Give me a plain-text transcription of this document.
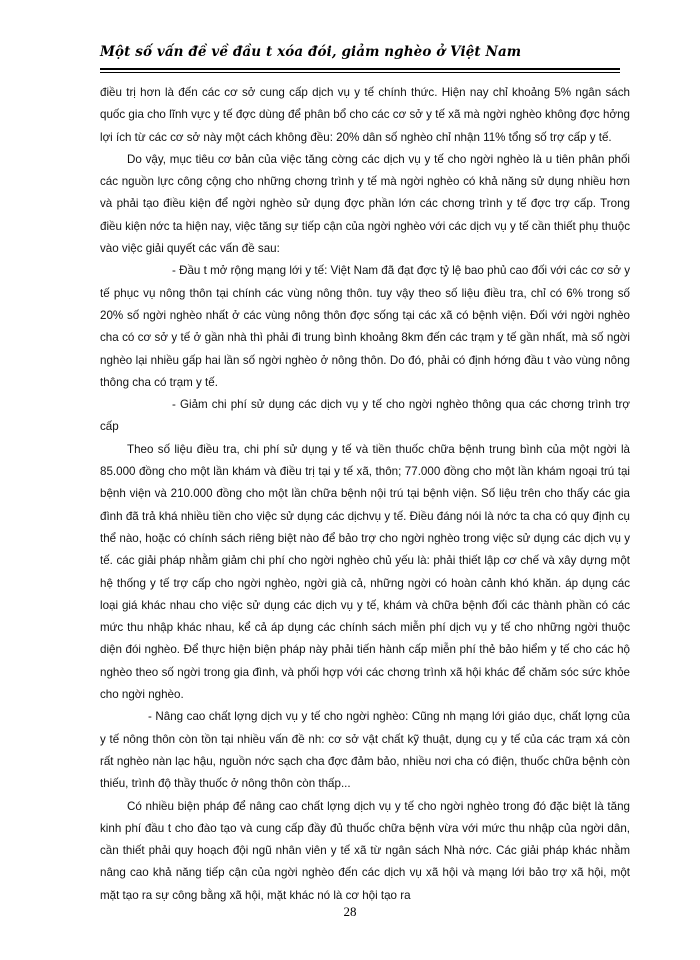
Một số vấn đề về đầu t xóa đói, giảm nghèo ở Việt Nam

điều trị hơn là đến các cơ sở cung cấp dịch vụ y tế chính thức. Hiện nay chỉ khoảng 5% ngân sách quốc gia cho lĩnh vực y tế đợc dùng để phân bổ cho các cơ sở y tế xã mà ngời nghèo không đợc hởng lợi ích từ các cơ sở này một cách không đều: 20% dân số nghèo chỉ nhận 11% tổng số trợ cấp y tế.

Do vậy, mục tiêu cơ bản của việc tăng cờng các dịch vụ y tế cho ngời nghèo là u tiên phân phối các nguồn lực công cộng cho những chơng trình y tế mà ngời nghèo có khả năng sử dụng nhiều hơn và phải tạo điều kiện để ngời nghèo sử dụng đợc phần lớn các chơng trình y tế đợc trợ cấp. Trong điều kiện nớc ta hiện nay, việc tăng sự tiếp cận của ngời nghèo với các dịch vụ y tế cần thiết phụ thuộc vào việc giải quyết các vấn đề sau:

- Đầu t mở rộng mạng lới y tế: Việt Nam đã đạt đợc tỷ lệ bao phủ cao đối với các cơ sở y tế phục vụ nông thôn tại chính các vùng nông thôn. tuy vậy theo số liệu điều tra, chỉ có 6% trong số 20% số ngời nghèo nhất ở các vùng nông thôn đợc sống tại các xã có bệnh viện. Đối với ngời nghèo cha có cơ sở y tế ở gần nhà thì phải đi trung bình khoảng 8km đến các trạm y tế gần nhất, mà số ngời nghèo lại nhiều gấp hai lần số ngời nghèo ở nông thôn. Do đó, phải có định hớng đầu t vào vùng nông thông cha có trạm y tế.

- Giảm chi phí sử dụng các dịch vụ y tế cho ngời nghèo thông qua các chơng trình trợ cấp

Theo số liệu điều tra, chi phí sử dụng y tế và tiền thuốc chữa bệnh trung bình của một ngời là 85.000 đồng cho một lần khám và điều trị tại y tế xã, thôn; 77.000 đồng cho một lần khám ngoại trú tại bệnh viện và 210.000 đồng cho một lần chữa bệnh nội trú tại bệnh viện. Số liệu trên cho thấy các gia đình đã trả khá nhiều tiền cho việc sử dụng các dịchvụ y tế. Điều đáng nói là nớc ta cha có quy định cụ thể nào, hoặc có chính sách riêng biệt nào để bảo trợ cho ngời nghèo trong việc sử dụng các dịch vụ y tế. các giải pháp nhằm giảm chi phí cho ngời nghèo chủ yếu là: phải thiết lập cơ chế và xây dựng một hệ thống y tế trợ cấp cho ngời nghèo, ngời già cả, những ngời có hoàn cảnh khó khăn. áp dụng các loại giá khác nhau cho việc sử dụng các dịch vụ y tế, khám và chữa bệnh đối các thành phần có các mức thu nhập khác nhau, kể cả áp dụng các chính sách miễn phí dịch vụ y tế cho những ngời thuộc diện đói nghèo. Để thực hiện biện pháp này phải tiến hành cấp miễn phí thẻ bảo hiểm y tế cho các hộ nghèo theo số ngời trong gia đình, và phối hợp với các chơng trình xã hội khác để chăm sóc sức khỏe cho ngời nghèo.

- Nâng cao chất lợng dịch vụ y tế cho ngời nghèo: Cũng nh mạng lới giáo dục, chất lợng của y tế nông thôn còn tồn tại nhiều vấn đề nh: cơ sở vật chất kỹ thuật, dụng cụ y tế của các trạm xá còn rất nghèo nàn lạc hậu, nguồn nớc sạch cha đợc đảm bảo, nhiều nơi cha có điện, thuốc chữa bệnh còn thiếu, trình độ thầy thuốc ở nông thôn còn thấp...

Có nhiều biện pháp để nâng cao chất lợng dịch vụ y tế cho ngời nghèo trong đó đặc biệt là tăng kinh phí đầu t cho đào tạo và cung cấp đầy đủ thuốc chữa bệnh vừa với mức thu nhập của ngời dân, cần thiết phải quy hoạch đội ngũ nhân viên y tế xã từ ngân sách Nhà nớc. Các giải pháp khác nhằm nâng cao khả năng tiếp cận của ngời nghèo đến các dịch vụ xã hội và mạng lới bảo trợ xã hội, một mặt tạo ra sự công bằng xã hội, mặt khác nó là cơ hội tạo ra

28
